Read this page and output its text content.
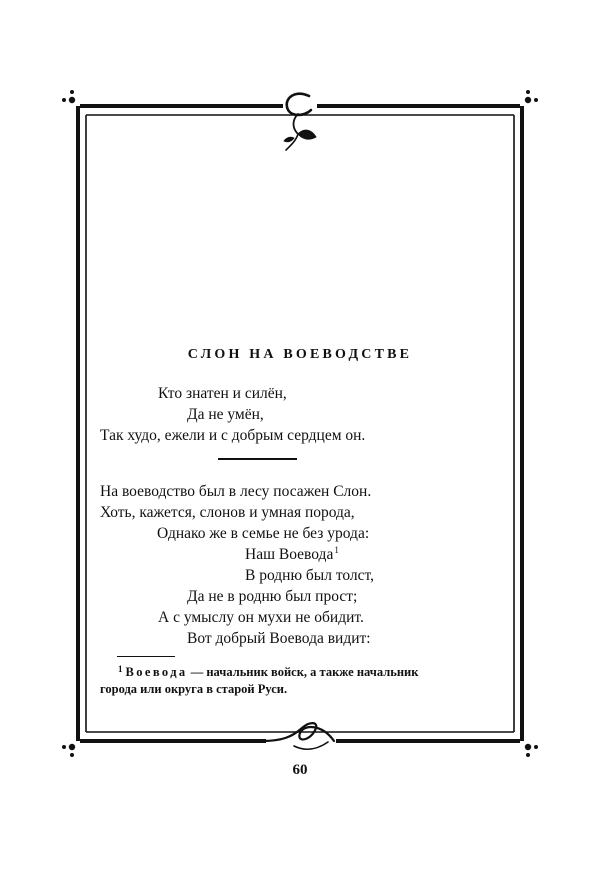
СЛОН НА ВОЕВОДСТВЕ
Кто знатен и силён,
Да не умён,
Так худо, ежели и с добрым сердцем он.
На воеводство был в лесу посажен Слон.
Хоть, кажется, слонов и умная порода,
Однако же в семье не без урода:
Наш Воевода$^1$
В родню был толст,
Да не в родню был прост;
А с умыслу он мухи не обидит.
Вот добрый Воевода видит:
$^1$ Воевода — начальник войск, а также начальник
города или округа в старой Руси.
60
